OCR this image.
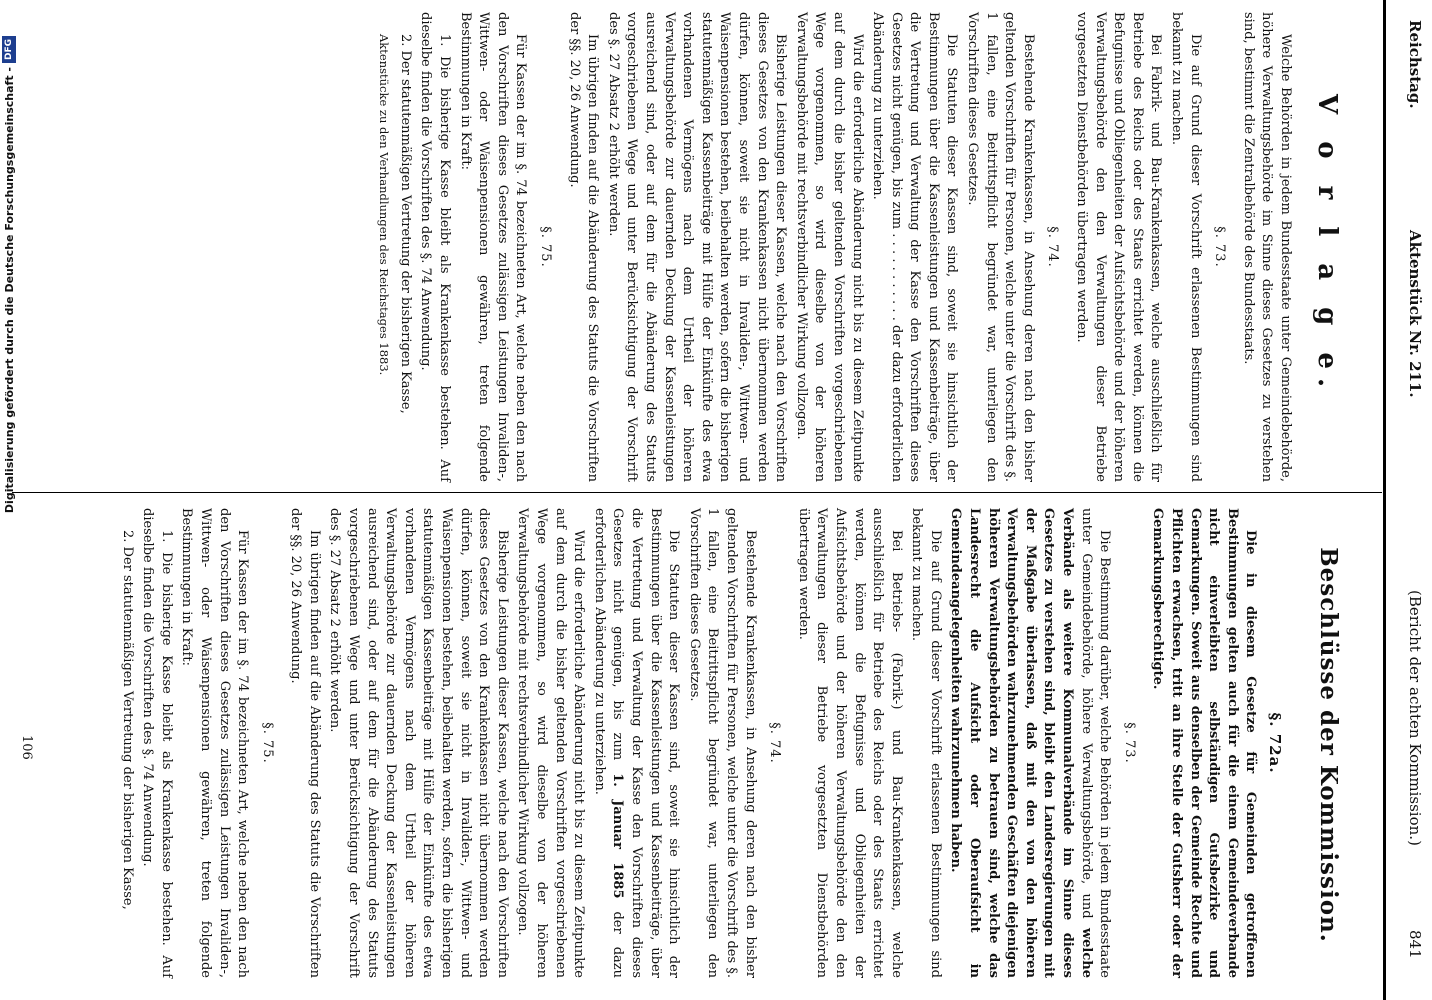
Reichstag.
Aktenstück Nr. 211.
(Bericht der achten Kommission.)
841
V o r l a g e.
Beschlüsse der Kommission.

Welche Behörden in jedem Bundesstaate unter Gemeindebehörde, höhere Verwaltungsbehörde im Sinne dieses Gesetzes zu verstehen sind, bestimmt die Zentralbehörde des Bundesstaats.

§. 73.

Die auf Grund dieser Vorschrift erlassenen Bestimmungen sind bekannt zu machen.

Bei Fabrik- und Bau-Krankenkassen, welche ausschließlich für Betriebe des Reichs oder des Staats errichtet werden, können die Befugnisse und Obliegenheiten der Aufsichtsbehörde und der höheren Verwaltungsbehörde den den Verwaltungen dieser Betriebe vorgesetzten Dienstbehörden übertragen werden.

§. 74.

Bestehende Krankenkassen, in Ansehung deren nach den bisher geltenden Vorschriften für Personen, welche unter die Vorschrift des §. 1 fallen, eine Beitrittspflicht begründet war, unterliegen den Vorschriften dieses Gesetzes.

Die Statuten dieser Kassen sind, soweit sie hinsichtlich der Bestimmungen über die Kassenleistungen und Kassenbeiträge, über die Vertretung und Verwaltung der Kasse den Vorschriften dieses Gesetzes nicht genügen, bis zum . . . . . . . . . . . der dazu erforderlichen Abänderung zu unterziehen.

Wird die erforderliche Abänderung nicht bis zu diesem Zeitpunkte auf dem durch die bisher geltenden Vorschriften vorgeschriebenen Wege vorgenommen, so wird dieselbe von der höheren Verwaltungsbehörde mit rechtsverbindlicher Wirkung vollzogen.

Bisherige Leistungen dieser Kassen, welche nach den Vorschriften dieses Gesetzes von den Krankenkassen nicht übernommen werden dürfen, können, soweit sie nicht in Invaliden-, Wittwen- und Waisenpensionen bestehen, beibehalten werden, sofern die bisherigen statutenmäßigen Kassenbeiträge mit Hülfe der Einkünfte des etwa vorhandenen Vermögens nach dem Urtheil der höheren Verwaltungsbehörde zur dauernden Deckung der Kassenleistungen ausreichend sind, oder auf dem für die Abänderung des Statuts vorgeschriebenen Wege und unter Berücksichtigung der Vorschrift des §. 27 Absatz 2 erhöht werden.

Im übrigen finden auf die Abänderung des Statuts die Vorschriften der §§. 20, 26 Anwendung.

§. 75.

Für Kassen der im §. 74 bezeichneten Art, welche neben den nach den Vorschriften dieses Gesetzes zulässigen Leistungen Invaliden-, Wittwen- oder Waisenpensionen gewähren, treten folgende Bestimmungen in Kraft:

1. Die bisherige Kasse bleibt als Krankenkasse bestehen. Auf dieselbe finden die Vorschriften des §. 74 Anwendung.

2. Der statutenmäßigen Vertretung der bisherigen Kasse,

Aktenstücke zu den Verhandlungen des Reichstages 1883.

§. 72a.

Die in diesem Gesetze für Gemeinden getroffenen Bestimmungen gelten auch für die einem Gemeindeverbande nicht einverleibten selbständigen Gutsbezirke und Gemarkungen. Soweit aus denselben der Gemeinde Rechte und Pflichten erwachsen, tritt an ihre Stelle der Gutsherr oder der Gemarkungsberechtigte.

§. 73.

Die Bestimmung darüber, welche Behörden in jedem Bundesstaate unter Gemeindebehörde, höhere Verwaltungsbehörde, und welche Verbände als weitere Kommunalverbände im Sinne dieses Gesetzes zu verstehen sind, bleibt den Landesregierungen mit der Maßgabe überlassen, daß mit den von den höheren Verwaltungsbehörden wahrzunehmenden Geschäften diejenigen höheren Verwaltungsbehörden zu betrauen sind, welche das Landesrecht die Aufsicht oder Oberaufsicht in Gemeindeangelegenheiten wahrzunehmen haben.

Die auf Grund dieser Vorschrift erlassenen Bestimmungen sind bekannt zu machen.

Bei Betriebs- (Fabrik-) und Bau-Krankenkassen, welche ausschließlich für Betriebe des Reichs oder des Staats errichtet werden, können die Befugnisse und Obliegenheiten der Aufsichtsbehörde und der höheren Verwaltungsbehörde den den Verwaltungen dieser Betriebe vorgesetzten Dienstbehörden übertragen werden.

§. 74.

Bestehende Krankenkassen, in Ansehung deren nach den bisher geltenden Vorschriften für Personen, welche unter die Vorschrift des §. 1 fallen, eine Beitrittspflicht begründet war, unterliegen den Vorschriften dieses Gesetzes.

Die Statuten dieser Kassen sind, soweit sie hinsichtlich der Bestimmungen über die Kassenleistungen und Kassenbeiträge, über die Vertretung und Verwaltung der Kasse den Vorschriften dieses Gesetzes nicht genügen, bis zum 1. Januar 1885 der dazu erforderlichen Abänderung zu unterziehen.

Wird die erforderliche Abänderung nicht bis zu diesem Zeitpunkte auf dem durch die bisher geltenden Vorschriften vorgeschriebenen Wege vorgenommen, so wird dieselbe von der höheren Verwaltungsbehörde mit rechtsverbindlicher Wirkung vollzogen.

Bisherige Leistungen dieser Kassen, welche nach den Vorschriften dieses Gesetzes von den Krankenkassen nicht übernommen werden dürfen, können, soweit sie nicht in Invaliden-, Wittwen- und Waisenpensionen bestehen, beibehalten werden, sofern die bisherigen statutenmäßigen Kassenbeiträge mit Hülfe der Einkünfte des etwa vorhandenen Vermögens nach dem Urtheil der höheren Verwaltungsbehörde zur dauernden Deckung der Kassenleistungen ausreichend sind, oder auf dem für die Abänderung des Statuts vorgeschriebenen Wege und unter Berücksichtigung der Vorschrift des §. 27 Absatz 2 erhöht werden.

Im übrigen finden auf die Abänderung des Statuts die Vorschriften der §§. 20, 26 Anwendung.

§. 75.

Für Kassen der im §. 74 bezeichneten Art, welche neben den nach den Vorschriften dieses Gesetzes zulässigen Leistungen Invaliden-, Wittwen- oder Waisenpensionen gewähren, treten folgende Bestimmungen in Kraft:

1. Die bisherige Kasse bleibt als Krankenkasse bestehen. Auf dieselbe finden die Vorschriften des §. 74 Anwendung.

2. Der statutenmäßigen Vertretung der bisherigen Kasse,

106
Digitalisierung gefördert durch die Deutsche Forschungsgemeinschaft -
DFG
